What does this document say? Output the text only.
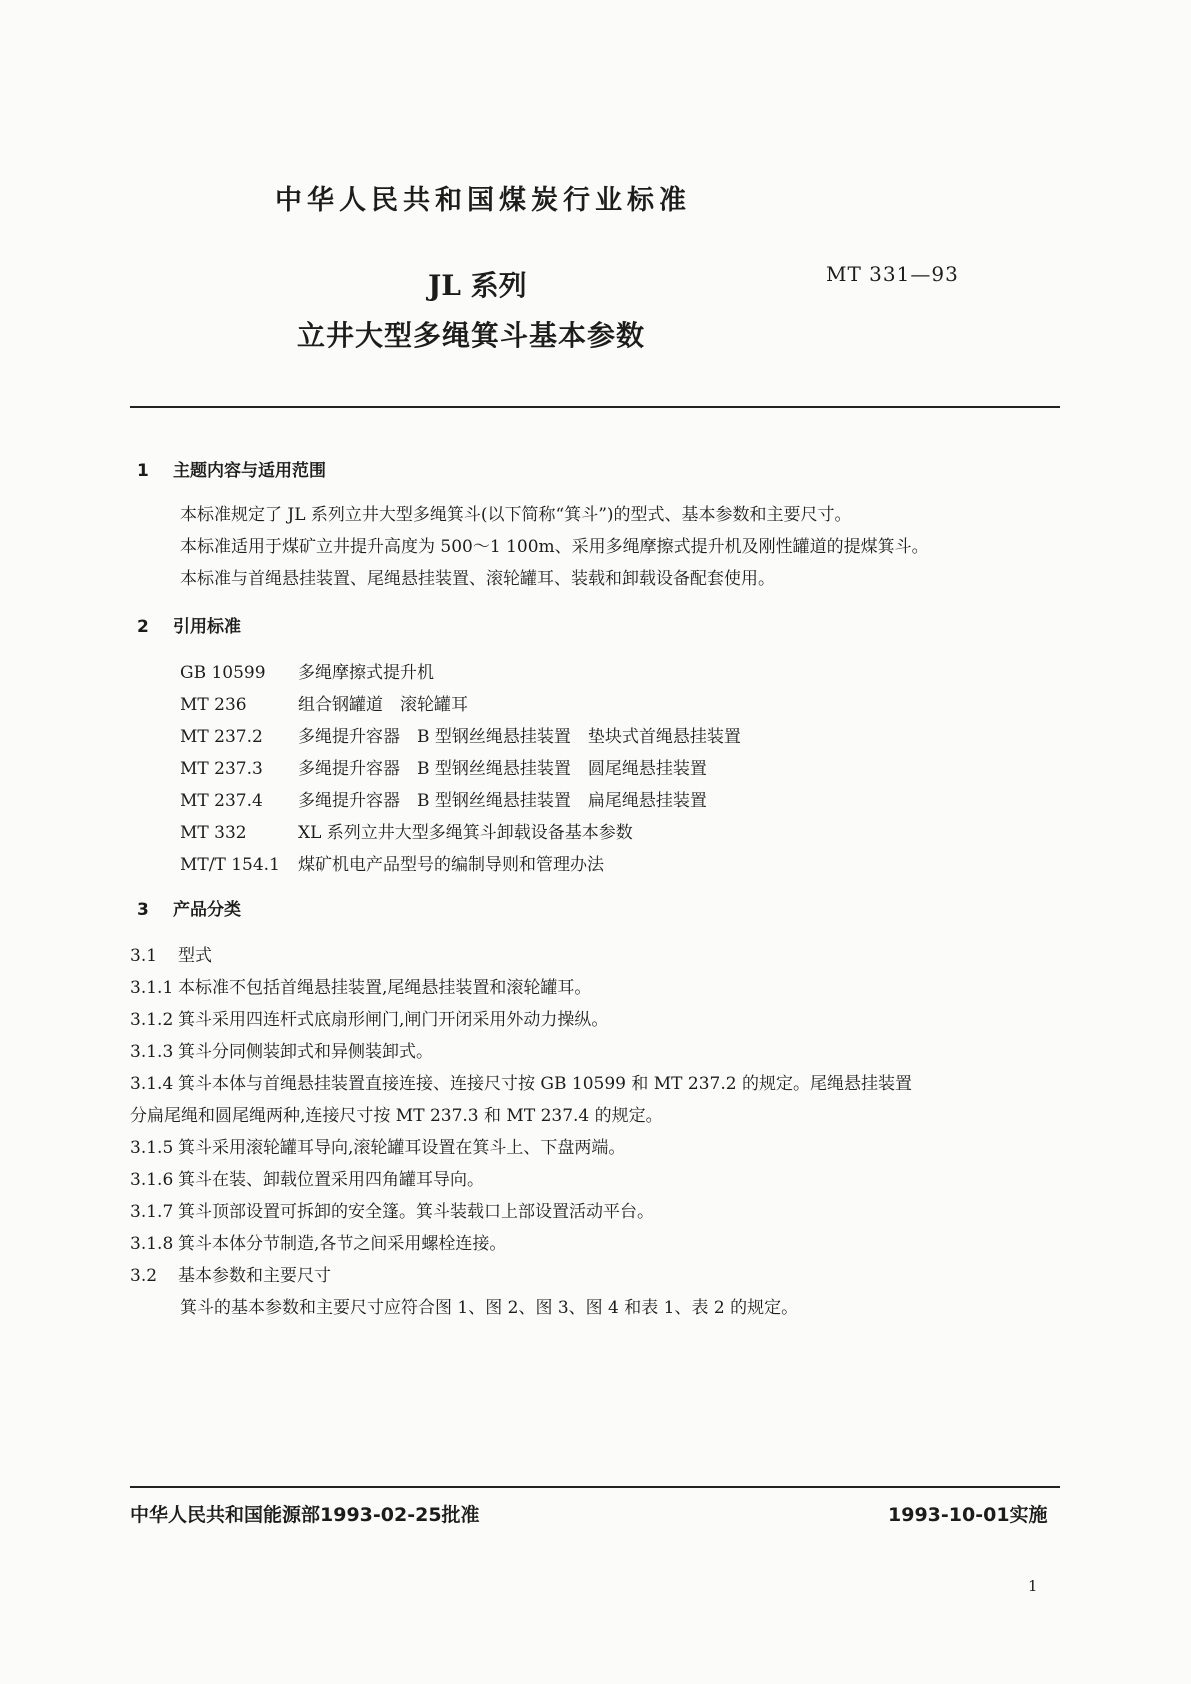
中华人民共和国煤炭行业标准
JL 系列
立井大型多绳箕斗基本参数
MT 331—93
1 主题内容与适用范围
本标准规定了 JL 系列立井大型多绳箕斗(以下简称“箕斗”)的型式、基本参数和主要尺寸。
本标准适用于煤矿立井提升高度为 500～1 100m、采用多绳摩擦式提升机及刚性罐道的提煤箕斗。
本标准与首绳悬挂装置、尾绳悬挂装置、滚轮罐耳、装载和卸载设备配套使用。
2 引用标准
GB 10599 多绳摩擦式提升机
MT 236	组合钢罐道　滚轮罐耳
MT 237.2 多绳提升容器　B 型钢丝绳悬挂装置　垫块式首绳悬挂装置
MT 237.3 多绳提升容器　B 型钢丝绳悬挂装置　圆尾绳悬挂装置
MT 237.4 多绳提升容器　B 型钢丝绳悬挂装置　扁尾绳悬挂装置
MT 332	XL 系列立井大型多绳箕斗卸载设备基本参数
MT/T 154.1 煤矿机电产品型号的编制导则和管理办法
3 产品分类
3.1 型式
3.1.1 本标准不包括首绳悬挂装置,尾绳悬挂装置和滚轮罐耳。
3.1.2 箕斗采用四连杆式底扇形闸门,闸门开闭采用外动力操纵。
3.1.3 箕斗分同侧装卸式和异侧装卸式。
3.1.4 箕斗本体与首绳悬挂装置直接连接、连接尺寸按 GB 10599 和 MT 237.2 的规定。尾绳悬挂装置
分扁尾绳和圆尾绳两种,连接尺寸按 MT 237.3 和 MT 237.4 的规定。
3.1.5 箕斗采用滚轮罐耳导向,滚轮罐耳设置在箕斗上、下盘两端。
3.1.6 箕斗在装、卸载位置采用四角罐耳导向。
3.1.7 箕斗顶部设置可拆卸的安全篷。箕斗装载口上部设置活动平台。
3.1.8 箕斗本体分节制造,各节之间采用螺栓连接。
3.2 基本参数和主要尺寸
箕斗的基本参数和主要尺寸应符合图 1、图 2、图 3、图 4 和表 1、表 2 的规定。
中华人民共和国能源部1993-02-25批准	1993-10-01实施
1
